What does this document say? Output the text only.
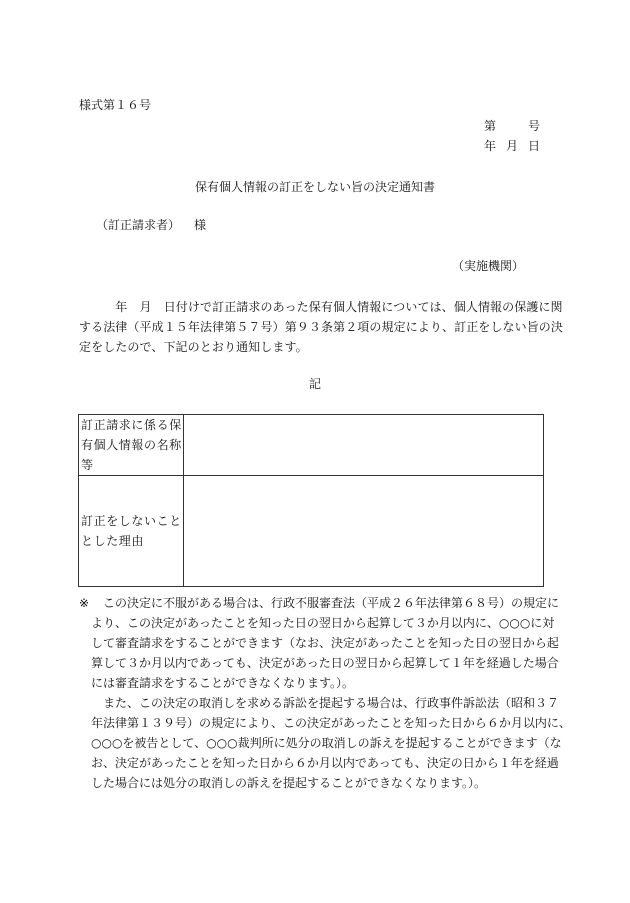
様式第１６号
第	号
年 月 日
保有個人情報の訂正をしない旨の決定通知書
（訂正請求者） 様
（実施機関）
　　　年　月　日付けで訂正請求のあった保有個人情報については、個人情報の保護に関
する法律（平成１５年法律第５７号）第９３条第２項の規定により、訂正をしない旨の決
定をしたので、下記のとおり通知します。
記
訂正請求に係る保
有個人情報の名称
等	

訂正をしないこと
とした理由	

※　 この決定に不服がある場合は、行政不服審査法（平成２６年法律第６８号）の規定に
より、この決定があったことを知った日の翌日から起算して３か月以内に、○○○に対
して審査請求をすることができます（なお、決定があったことを知った日の翌日から起
算して３か月以内であっても、決定があった日の翌日から起算して１年を経過した場合
には審査請求をすることができなくなります。）。
　また、この決定の取消しを求める訴訟を提起する場合は、行政事件訴訟法（昭和３７
年法律第１３９号）の規定により、この決定があったことを知った日から６か月以内に、
○○○を被告として、○○○裁判所に処分の取消しの訴えを提起することができます（な
お、決定があったことを知った日から６か月以内であっても、決定の日から１年を経過
した場合には処分の取消しの訴えを提起することができなくなります。）。
